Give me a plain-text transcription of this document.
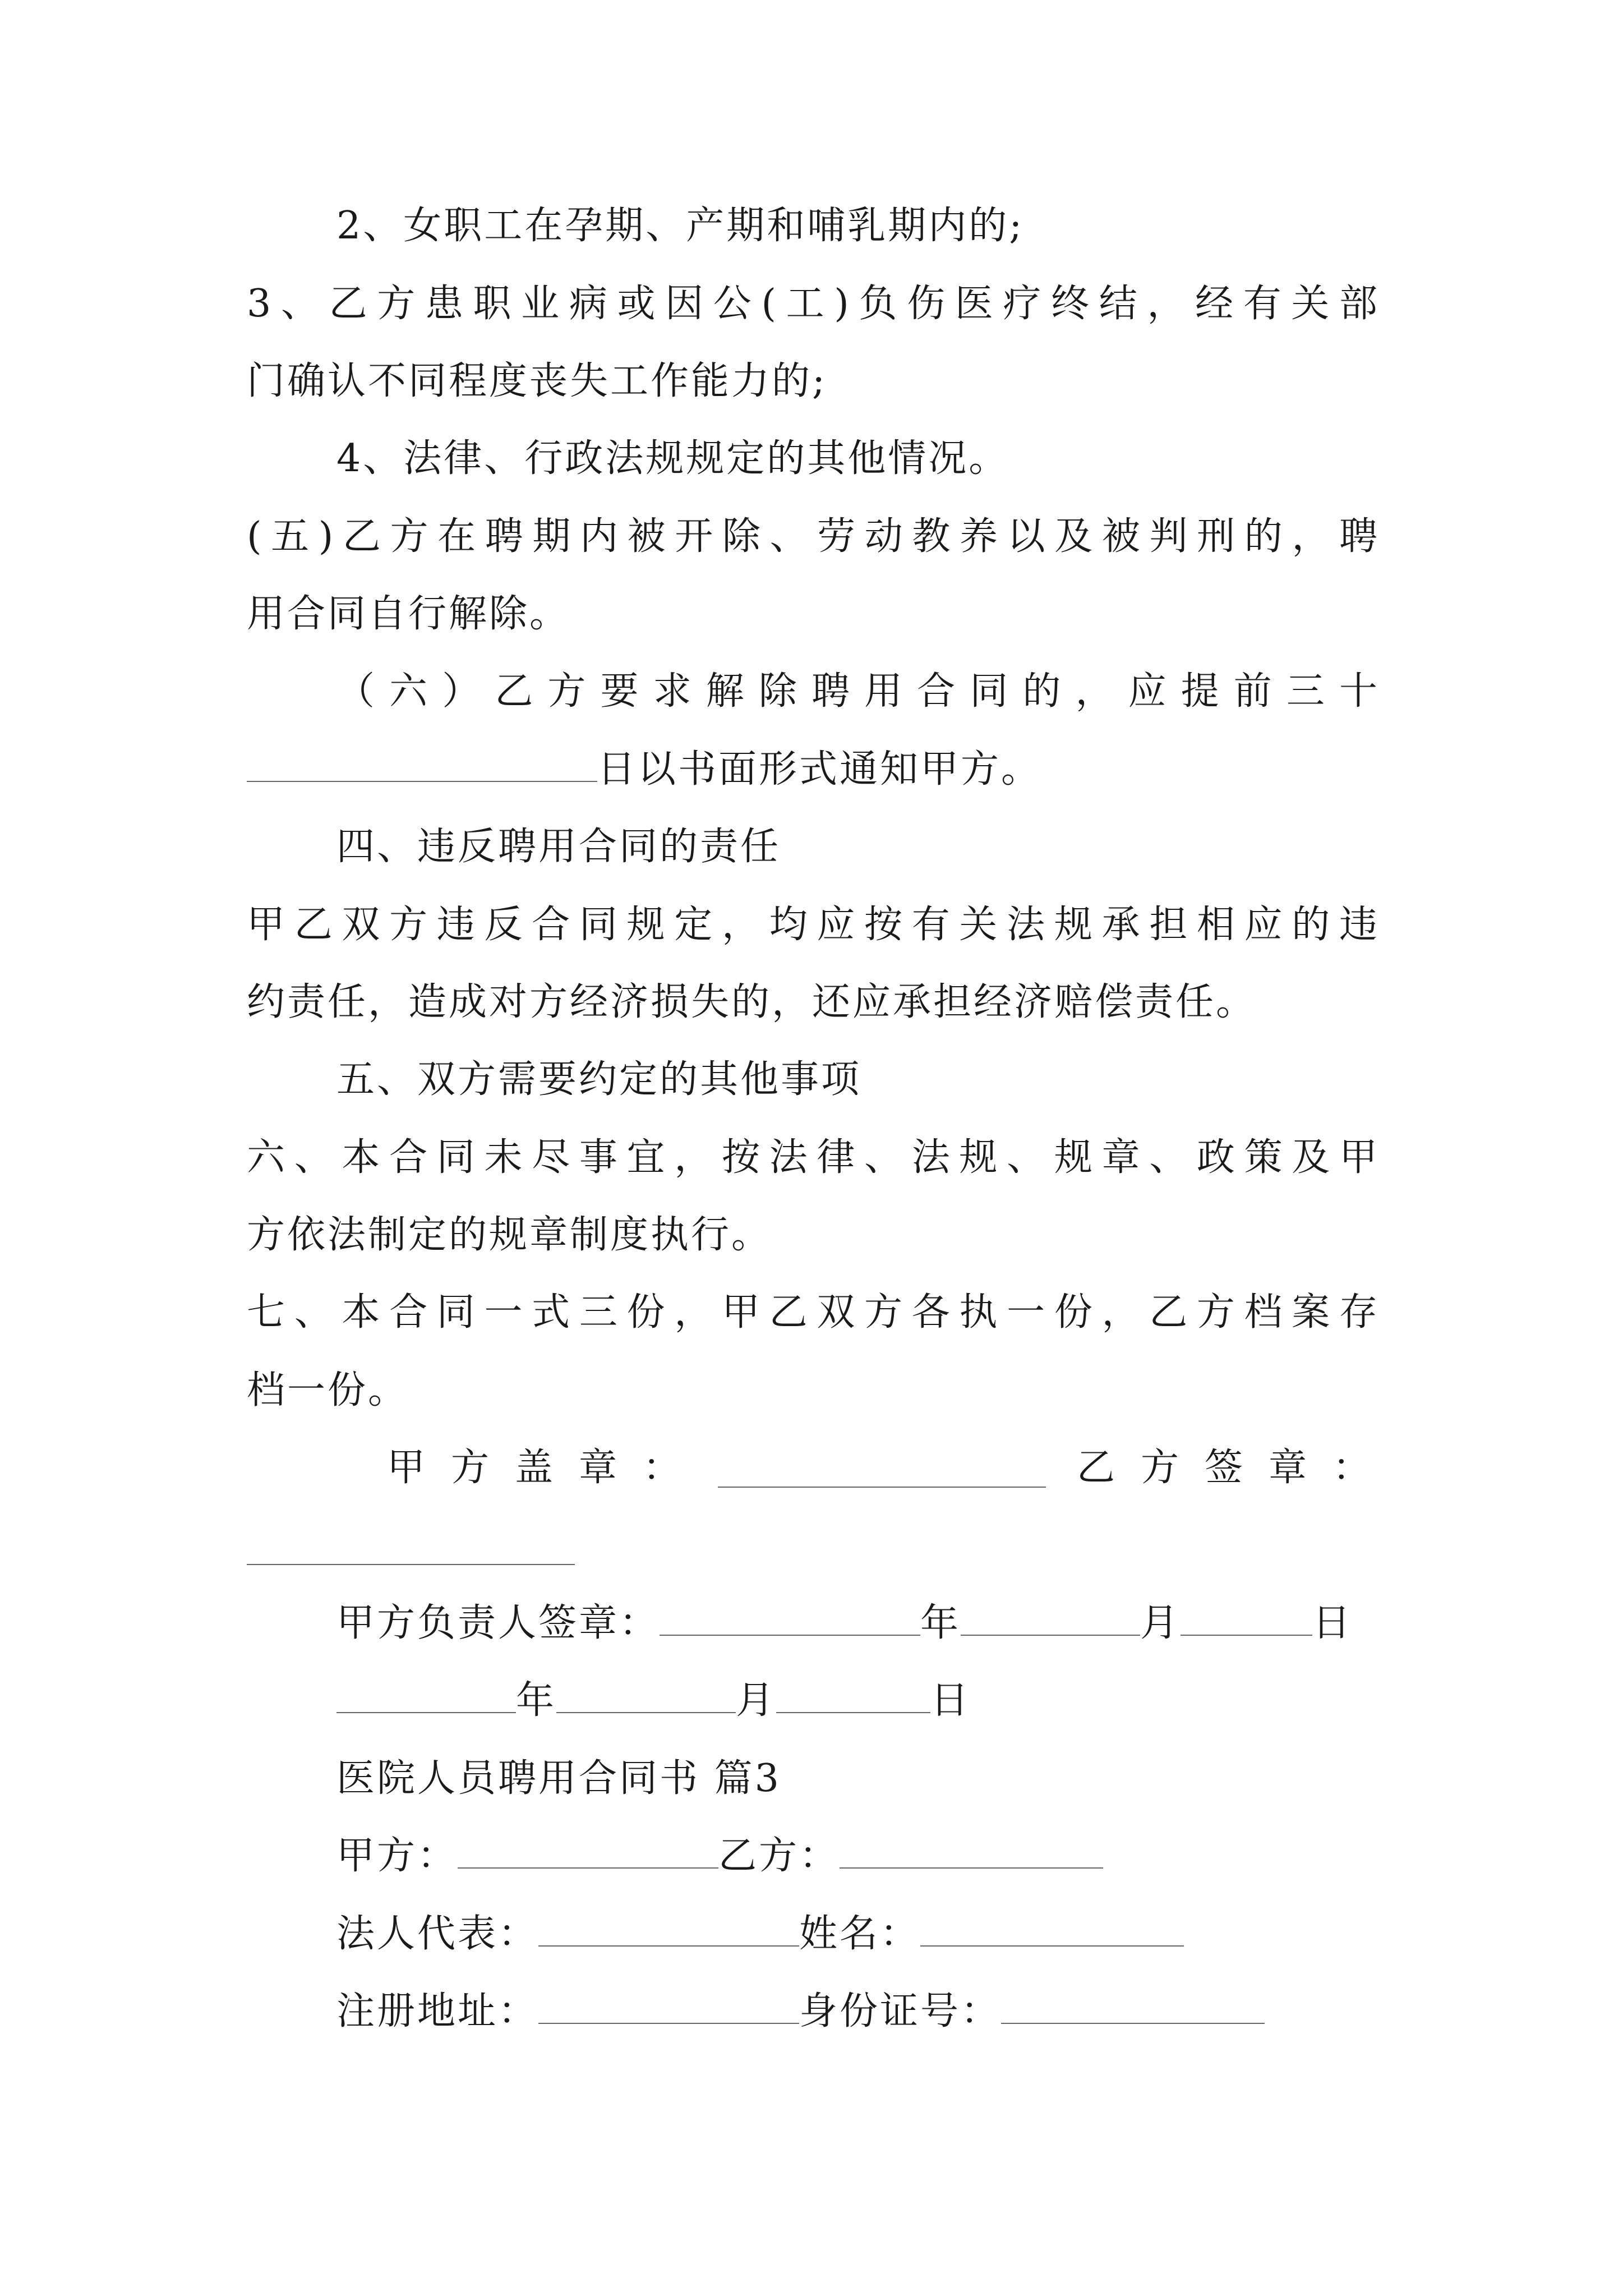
2、女职工在孕期、产期和哺乳期内的;
3、乙方患职业病或因公(工)负伤医疗终结，经有关部
门确认不同程度丧失工作能力的;
4、法律、行政法规规定的其他情况。
(五)乙方在聘期内被开除、劳动教养以及被判刑的，聘
用合同自行解除。
（六）乙方要求解除聘用合同的，应提前三十
日以书面形式通知甲方。
四、违反聘用合同的责任
甲乙双方违反合同规定，均应按有关法规承担相应的违
约责任，造成对方经济损失的，还应承担经济赔偿责任。
五、双方需要约定的其他事项
六、本合同未尽事宜，按法律、法规、规章、政策及甲
方依法制定的规章制度执行。
七、本合同一式三份，甲乙双方各执一份，乙方档案存
档一份。
甲方盖章：	乙方签章：
甲方负责人签章：	年	月	日
年	月	日
医院人员聘用合同书 篇3
甲方：	乙方：
法人代表：	姓名：
注册地址：	身份证号：
